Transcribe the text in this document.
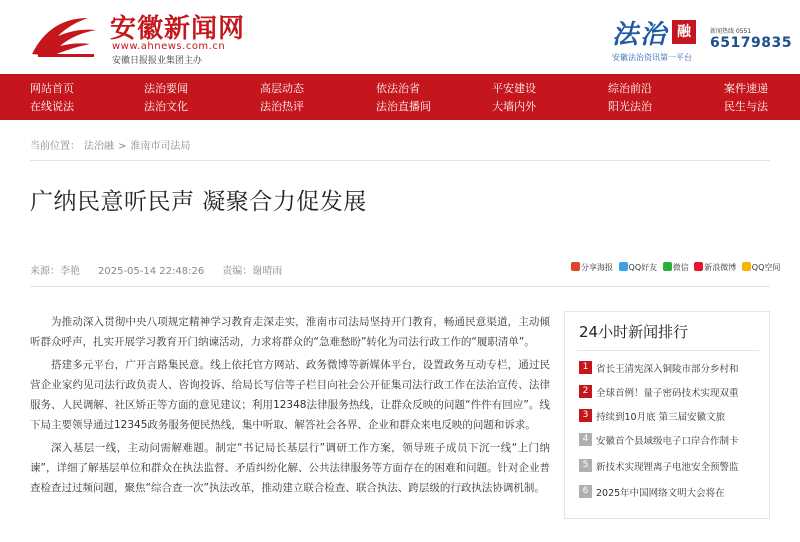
安徽新闻网
www.ahnews.com.cn
安徽日报报业集团主办
法治 融
安徽法治资讯第一平台
新闻热线 0551
65179835
网站首页	法治要闻	高层动态	依法治省	平安建设	综治前沿	案件速递
在线说法	法治文化	法治热评	法治直播间	大墙内外	阳光法治	民生与法
当前位置： 法治融 > 淮南市司法局
广纳民意听民声 凝聚合力促发展
来源：李艳 2025-05-14 22:48:26 责编：谢晴雨	分享海报 QQ好友 微信 新浪微博 QQ空间

为推动深入贯彻中央八项规定精神学习教育走深走实，淮南市司法局坚持开门教育，畅通民意渠道，主动倾听群众呼声，扎实开展学习教育开门纳谏活动，力求将群众的“急难愁盼”转化为司法行政工作的“履职清单”。

搭建多元平台，广开言路集民意。线上依托官方网站、政务微博等新媒体平台，设置政务互动专栏，通过民营企业家约见司法行政负责人、咨询投诉、给局长写信等子栏目向社会公开征集司法行政工作在法治宣传、法律服务、人民调解、社区矫正等方面的意见建议；利用12348法律服务热线，让群众反映的问题“件件有回应”。线下局主要领导通过12345政务服务便民热线，集中听取、解答社会各界、企业和群众来电反映的问题和诉求。

深入基层一线，主动问需解难题。制定“书记局长基层行”调研工作方案，领导班子成员下沉一线“上门纳谏”，详细了解基层单位和群众在执法监督、矛盾纠纷化解、公共法律服务等方面存在的困难和问题。针对企业普查检查过过频问题，聚焦“综合查一次”执法改革，推动建立联合检查、联合执法、跨层级的行政执法协调机制。

24小时新闻排行
1 省长王清宪深入铜陵市部分乡村和
2 全球首例！量子密码技术实现双重
3 持续到10月底 第三届安徽文旅
4 安徽首个县域级电子口岸合作制卡
5 新技术实现锂离子电池安全预警监
6 2025年中国网络文明大会将在
